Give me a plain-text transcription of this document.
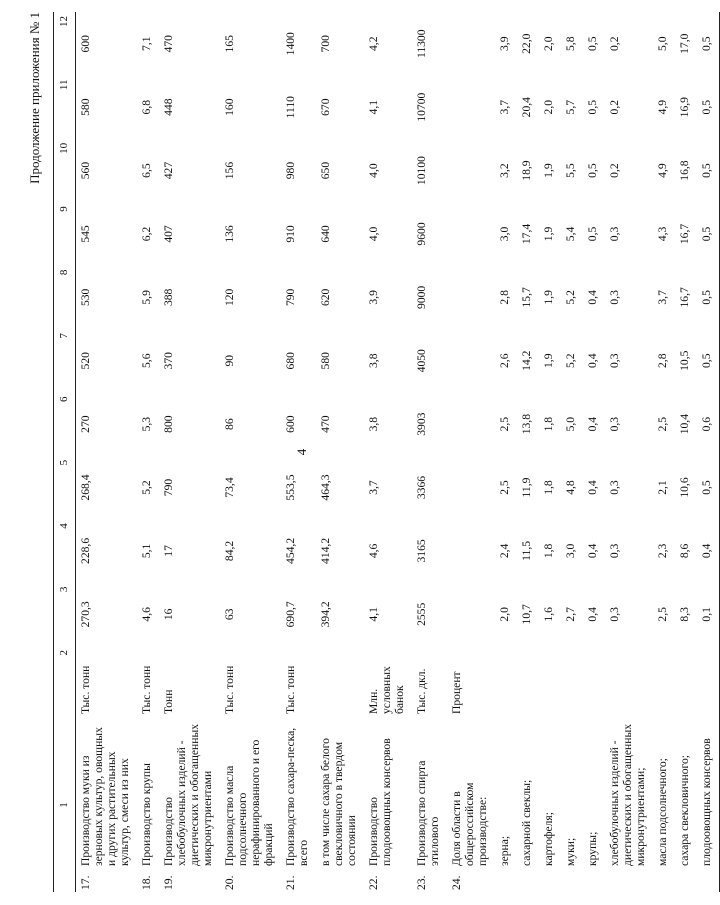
4
Продолжение приложения № 1
1		2	3	4	5	6	7	8	9	10	11	12
17.	Производство муки из зерновых культур, овощных и других растительных культур, смеси из них	Тыс. тонн	270,3	228,6	268,4	270	520	530	545	560	580	600
18.	Производство крупы	Тыс. тонн	4,6	5,1	5,2	5,3	5,6	5,9	6,2	6,5	6,8	7,1
19.	Производство хлебобулочных изделий - диетических и обогащенных микронутриентами	Тонн	16	17	790	800	370	388	407	427	448	470
20.	Производство масла подсолнечного нерафинированного и его фракций	Тыс. тонн	63	84,2	73,4	86	90	120	136	156	160	165
21.	Производство сахара-песка, всего	Тыс. тонн	690,7	454,2	553,5	600	680	790	910	980	1110	1400
	в том числе сахара белого свекловичного в твердом состоянии		394,2	414,2	464,3	470	580	620	640	650	670	700
22.	Производство плодоовощных консервов	Млн. условных банок	4,1	4,6	3,7	3,8	3,8	3,9	4,0	4,0	4,1	4,2
23.	Производство спирта этилового	Тыс. дкл.	2555	3165	3366	3903	4050	9000	9600	10100	10700	11300
24.	Доля области в общероссийском производстве:	Процент										
	зерна;		2,0	2,4	2,5	2,5	2,6	2,8	3,0	3,2	3,7	3,9
	сахарной свеклы;		10,7	11,5	11,9	13,8	14,2	15,7	17,4	18,9	20,4	22,0
	картофеля;		1,6	1,8	1,8	1,8	1,9	1,9	1,9	1,9	2,0	2,0
	муки;		2,7	3,0	4,8	5,0	5,2	5,2	5,4	5,5	5,7	5,8
	крупы;		0,4	0,4	0,4	0,4	0,4	0,4	0,5	0,5	0,5	0,5
	хлебобулочных изделий - диетических и обогащенных микронутриентами;		0,3	0,3	0,3	0,3	0,3	0,3	0,3	0,2	0,2	0,2
	масла подсолнечного;		2,5	2,3	2,1	2,5	2,8	3,7	4,3	4,9	4,9	5,0
	сахара свекловичного;		8,3	8,6	10,6	10,4	10,5	16,7	16,7	16,8	16,9	17,0
	плодоовощных консервов		0,1	0,4	0,5	0,6	0,5	0,5	0,5	0,5	0,5	0,5
